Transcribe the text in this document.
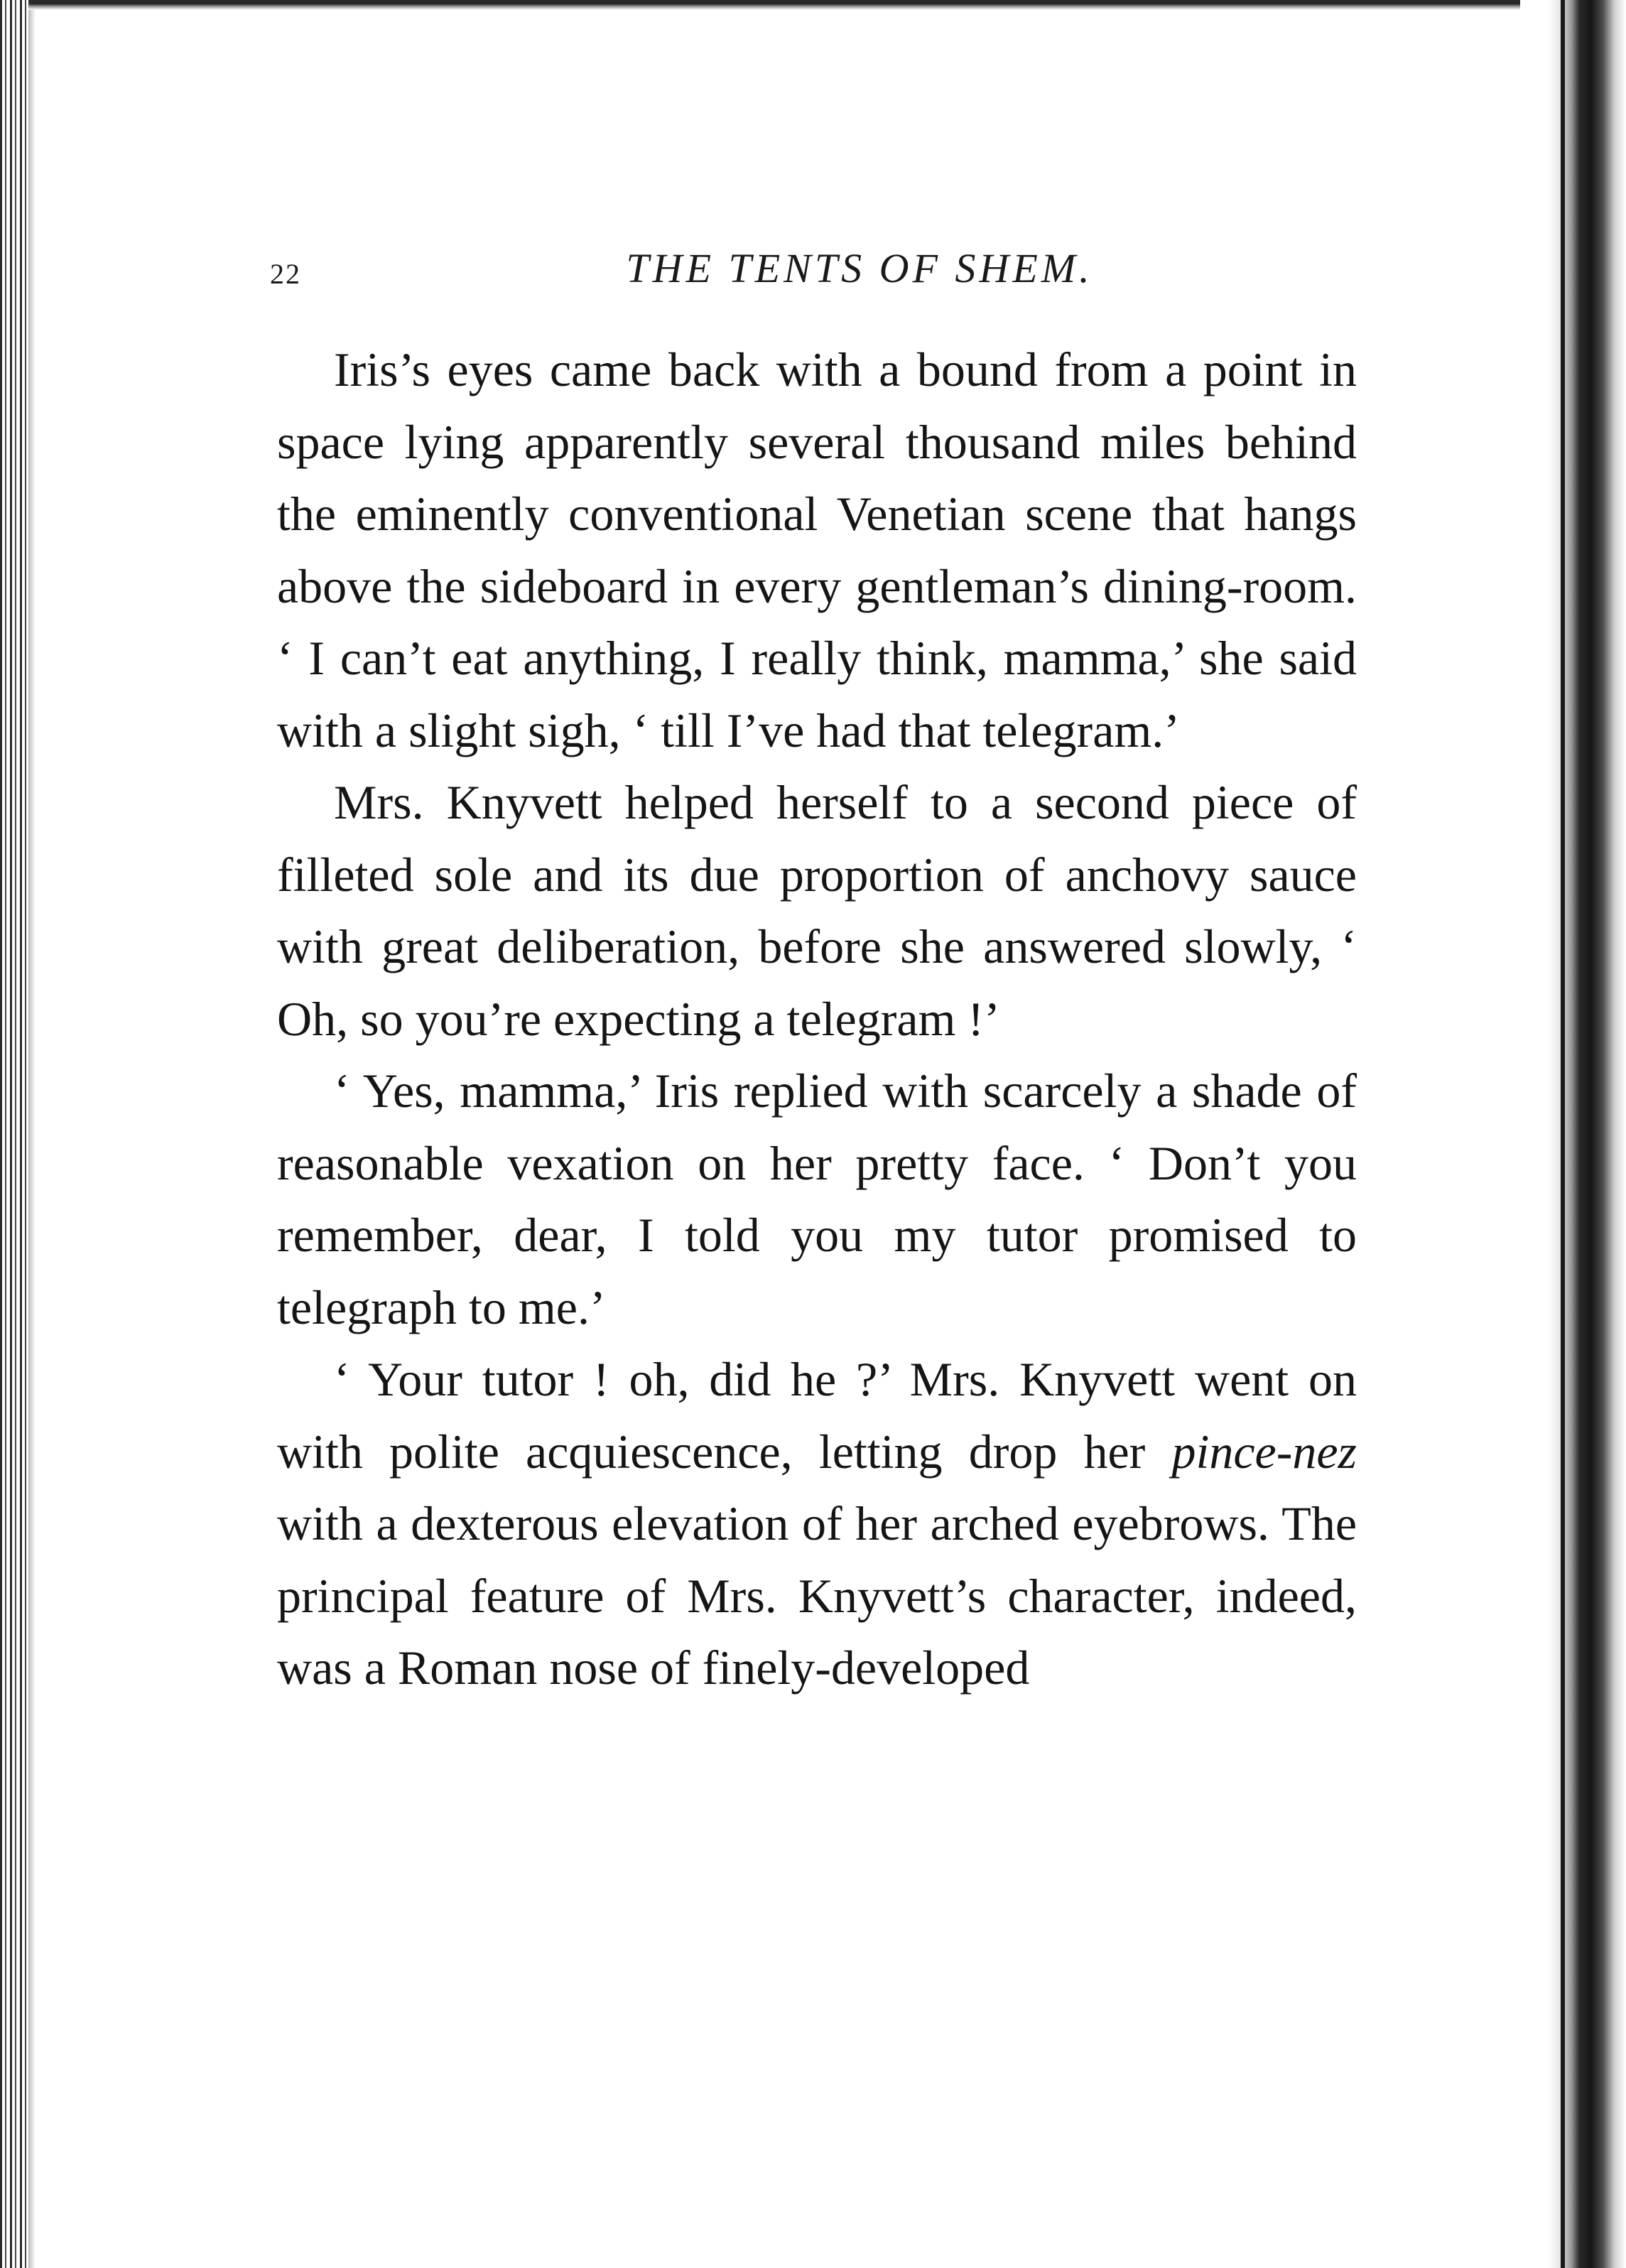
22	THE TENTS OF SHEM.

Iris’s eyes came back with a bound from a point in space lying apparently several thousand miles behind the eminently conventional Venetian scene that hangs above the sideboard in every gentleman’s dining-room. ‘ I can’t eat anything, I really think, mamma,’ she said with a slight sigh, ‘ till I’ve had that telegram.’

Mrs. Knyvett helped herself to a second piece of filleted sole and its due proportion of anchovy sauce with great deliberation, before she answered slowly, ‘ Oh, so you’re expecting a telegram !’

‘ Yes, mamma,’ Iris replied with scarcely a shade of reasonable vexation on her pretty face. ‘ Don’t you remember, dear, I told you my tutor promised to telegraph to me.’

‘ Your tutor ! oh, did he ?’ Mrs. Knyvett went on with polite acquiescence, letting drop her pince-nez with a dexterous elevation of her arched eyebrows. The principal feature of Mrs. Knyvett’s character, indeed, was a Roman nose of finely-developed
